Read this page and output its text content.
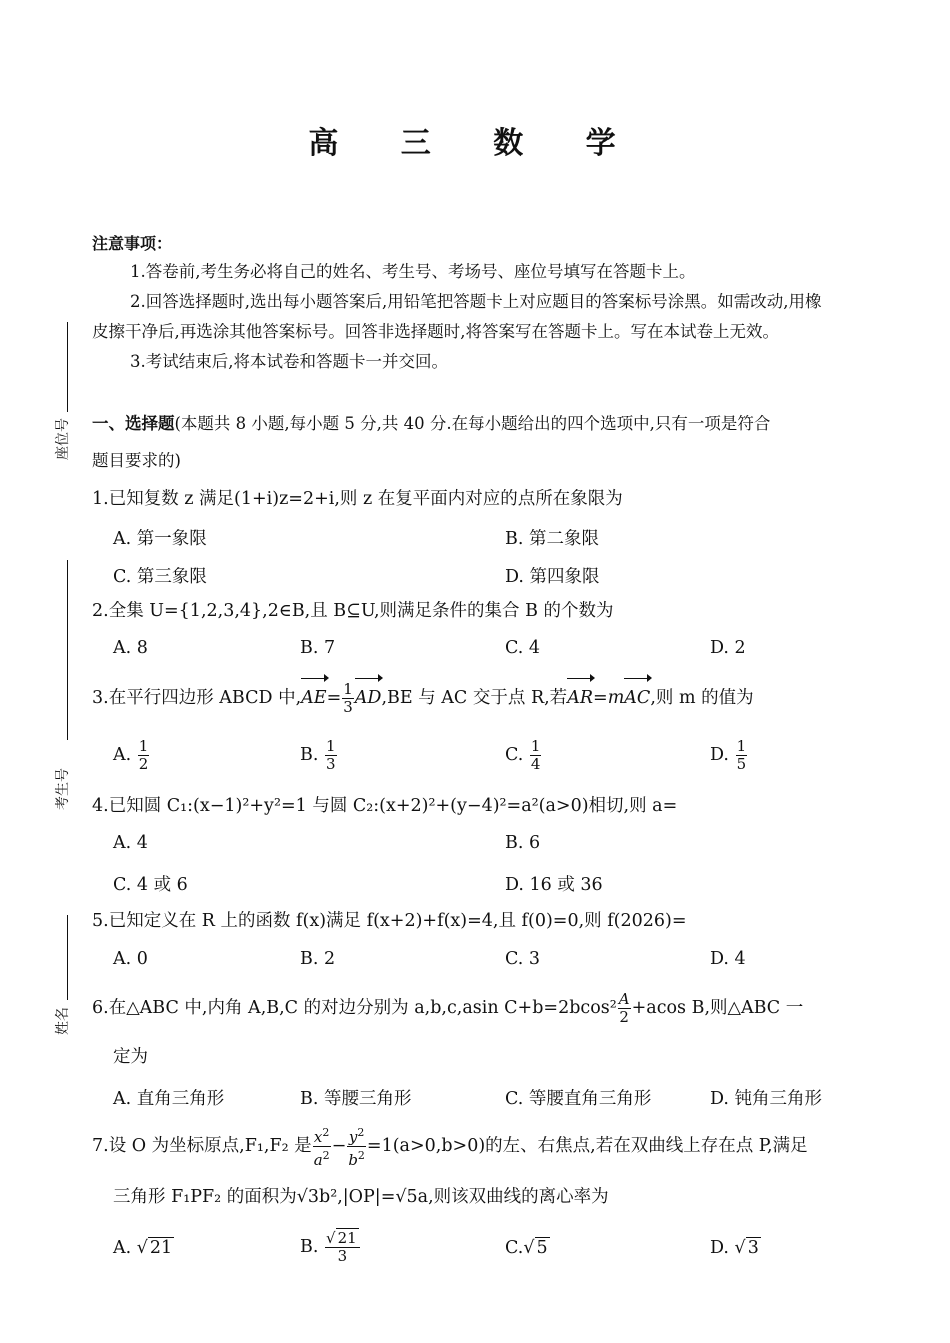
高 三 数 学
座位号
考生号
姓名
注意事项：
1.答卷前,考生务必将自己的姓名、考生号、考场号、座位号填写在答题卡上。
2.回答选择题时,选出每小题答案后,用铅笔把答题卡上对应题目的答案标号涂黑。如需改动,用橡
皮擦干净后,再选涂其他答案标号。回答非选择题时,将答案写在答题卡上。写在本试卷上无效。
3.考试结束后,将本试卷和答题卡一并交回。
一、选择题(本题共 8 小题,每小题 5 分,共 40 分.在每小题给出的四个选项中,只有一项是符合
题目要求的)
1.已知复数 z 满足(1+i)z=2+i,则 z 在复平面内对应的点所在象限为
A. 第一象限	B. 第二象限
C. 第三象限	D. 第四象限
2.全集 U={1,2,3,4},2∈B,且 B⊆U,则满足条件的集合 B 的个数为
A. 8	B. 7	C. 4	D. 2
3.在平行四边形 ABCD 中$,AE= \frac{1}{3} AD,BE$ 与 AC 交于点 R,若AR=mAC,则 m 的值为
A. $\frac{1}{2}$	B. $\frac{1}{3}$	C. $\frac{1}{4}$	D. $\frac{1}{5}$
4.已知圆 C₁:(x−1)²+y²=1 与圆 C₂:(x+2)²+(y−4)²=a²(a>0)相切,则 a=
A. 4	B. 6
C. 4 或 6	D. 16 或 36
5.已知定义在 R 上的函数 f(x)满足 f(x+2)+f(x)=4,且 f(0)=0,则 f(2026)=
A. 0	B. 2	C. 3	D. 4
6.在△ABC 中,内角 A,B,C 的对边分别为 a,b,c,asin $C+b=2bcos^2 \frac{A}{2} +acos$ B,则△ABC 一
定为
A. 直角三角形	B. 等腰三角形	C. 等腰直角三角形	D. 钝角三角形
7.设 O 为坐标原点,F₁,F₂ 是 $\frac{x^2}{a^2} - \frac{y^2}{b^2} =1(a>0,b>0)$的左、右焦点,若在双曲线上存在点 P,满足
三角形 F₁PF₂ 的面积为√3b²,|OP|=√5a,则该双曲线的离心率为
A. √ 21	B. $\frac{√ 21}{3}$	C.√ 5	D. √ 3
